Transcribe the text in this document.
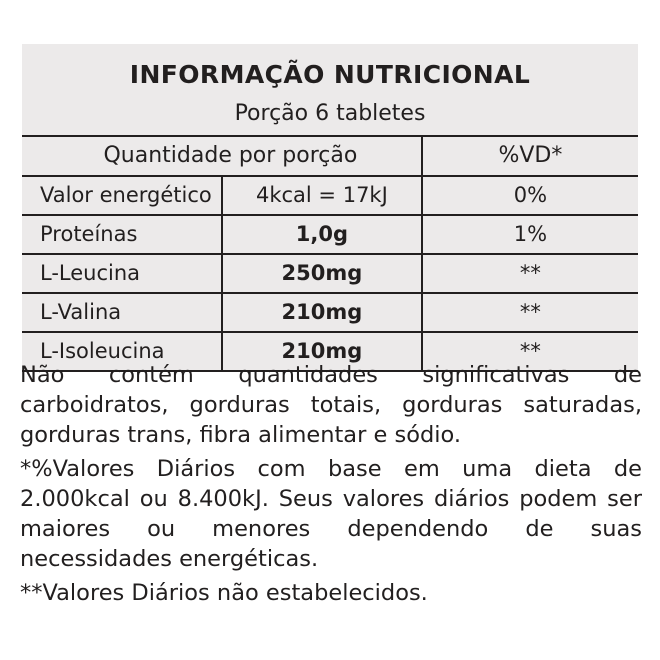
INFORMAÇÃO NUTRICIONAL
Porção 6 tabletes
Quantidade por porção		%VD*
Valor energético	4kcal = 17kJ	0%
Proteínas	1,0g	1%
L-Leucina	250mg	**
L-Valina	210mg	**
L-Isoleucina	210mg	**

Não contém quantidades significativas de carboidratos, gorduras totais, gorduras saturadas, gorduras trans, fibra alimentar e sódio.

*%Valores Diários com base em uma dieta de 2.000kcal ou 8.400kJ. Seus valores diários podem ser maiores ou menores dependendo de suas necessidades energéticas.

**Valores Diários não estabelecidos.
